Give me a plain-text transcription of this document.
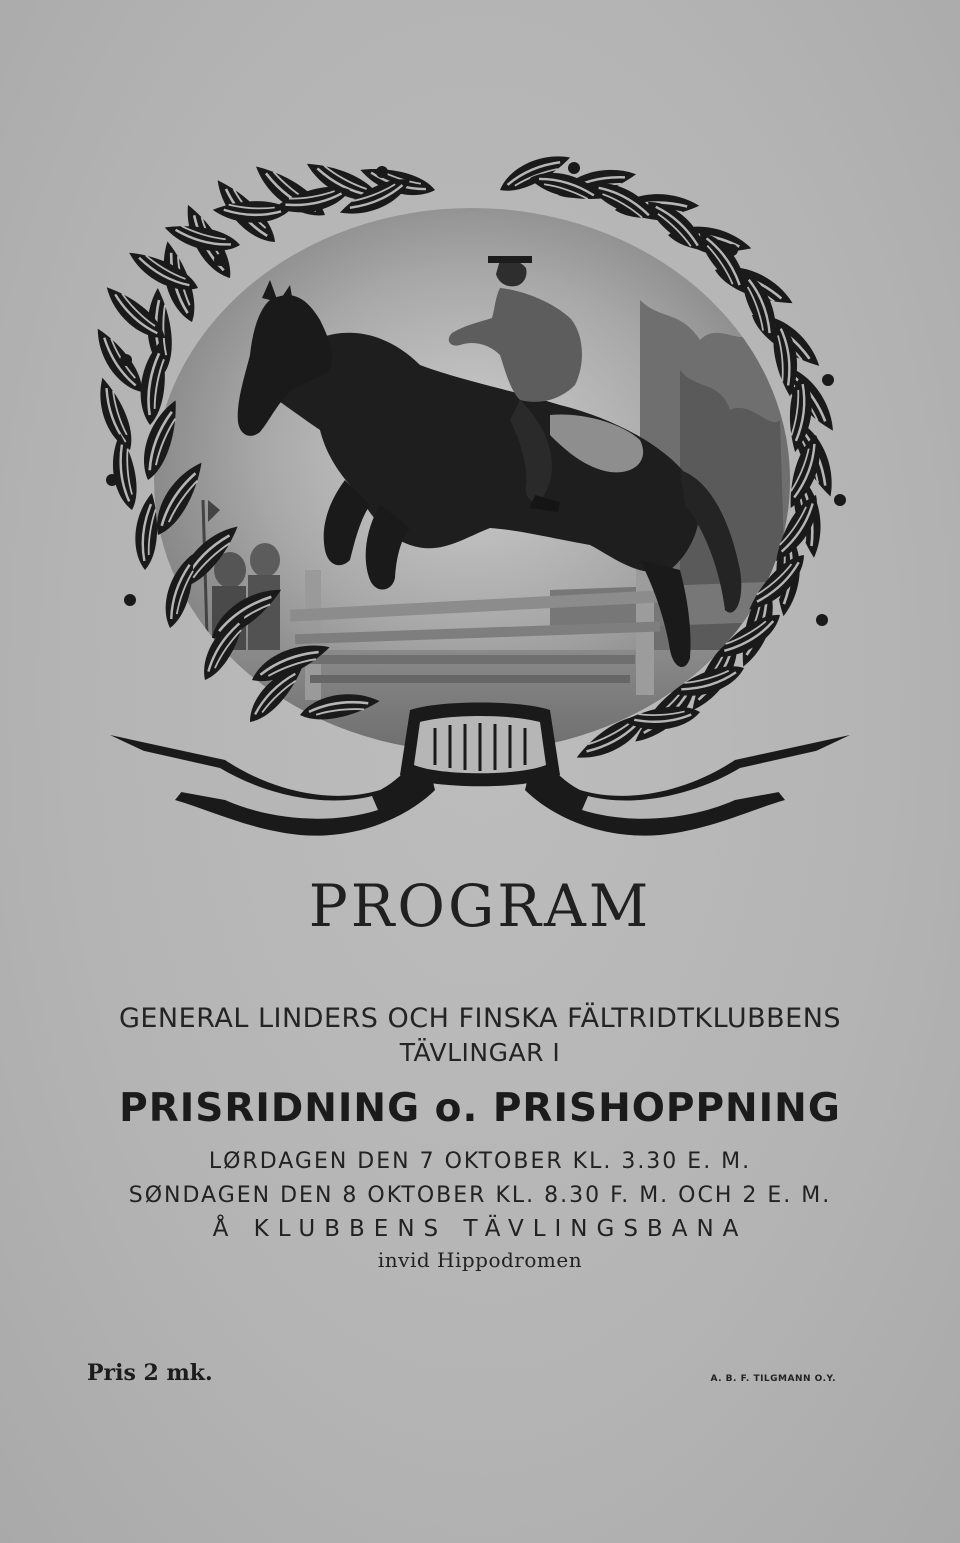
PROGRAM

GENERAL LINDERS OCH FINSKA FÄLTRIDTKLUBBENS

TÄVLINGAR I

PRISRIDNING o. PRISHOPPNING

LØRDAGEN DEN 7 OKTOBER KL. 3.30 E. M.

SØNDAGEN DEN 8 OKTOBER KL. 8.30 F. M. OCH 2 E. M.

Å KLUBBENS TÄVLINGSBANA

invid Hippodromen

Pris 2 mk.	A. B. F. TILGMANN O.Y.
